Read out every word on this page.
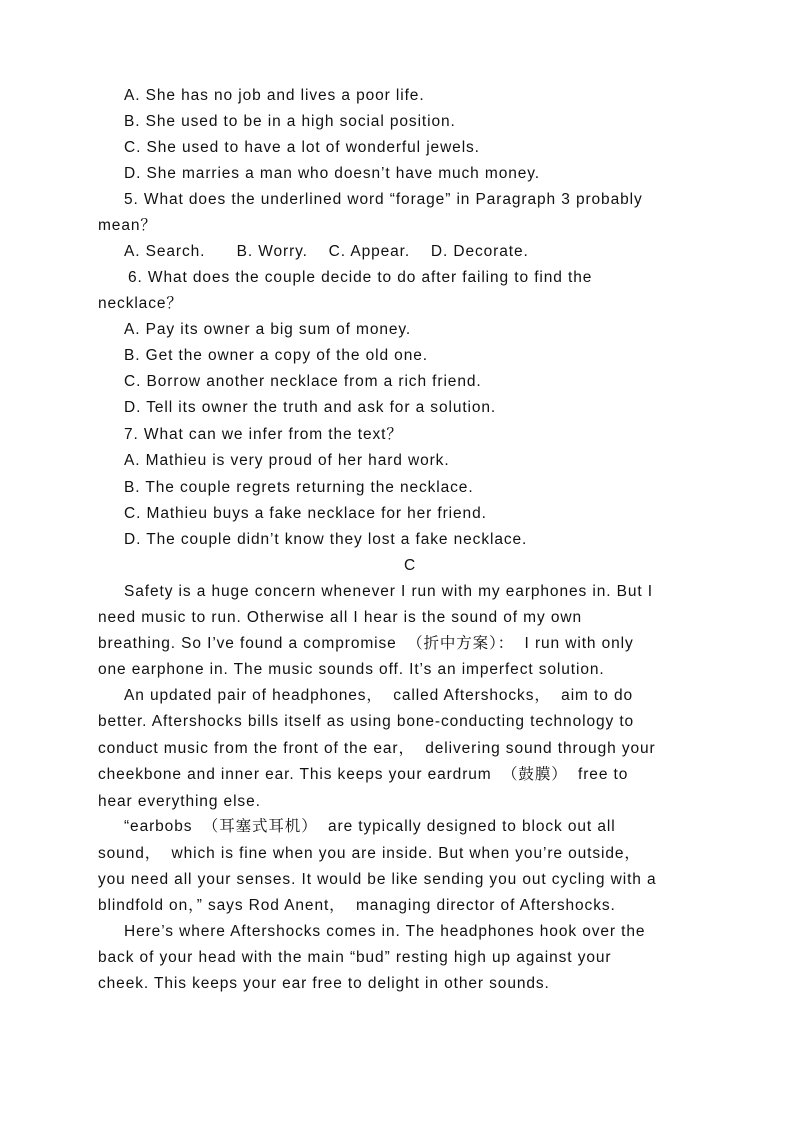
A. She has no job and lives a poor life.
B. She used to be in a high social position.
C. She used to have a lot of wonderful jewels.
D. She marries a man who doesn’t have much money.
5. What does the underlined word “forage” in Paragraph 3 probably
mean？
A. Search.      B. Worry.    C. Appear.    D. Decorate.
6. What does the couple decide to do after failing to find the
necklace？
A. Pay its owner a big sum of money.
B. Get the owner a copy of the old one.
C. Borrow another necklace from a rich friend.
D. Tell its owner the truth and ask for a solution.
7. What can we infer from the text？
A. Mathieu is very proud of her hard work.
B. The couple regrets returning the necklace.
C. Mathieu buys a fake necklace for her friend.
D. The couple didn’t know they lost a fake necklace.
C
Safety is a huge concern whenever I run with my earphones in. But I
need music to run. Otherwise all I hear is the sound of my own
breathing. So I’ve found a compromise  （折中方案）：  I run with only
one earphone in. The music sounds off. It’s an imperfect solution.
An updated pair of headphones，  called Aftershocks，  aim to do
better. Aftershocks bills itself as using bone-conducting technology to
conduct music from the front of the ear，  delivering sound through your
cheekbone and inner ear. This keeps your eardrum  （鼓膜）  free to
hear everything else.
“earbobs  （耳塞式耳机）  are typically designed to block out all
sound，  which is fine when you are inside. But when you’re outside，
you need all your senses. It would be like sending you out cycling with a
blindfold on，” says Rod Anent，  managing director of Aftershocks.
Here’s where Aftershocks comes in. The headphones hook over the
back of your head with the main “bud” resting high up against your
cheek. This keeps your ear free to delight in other sounds.
